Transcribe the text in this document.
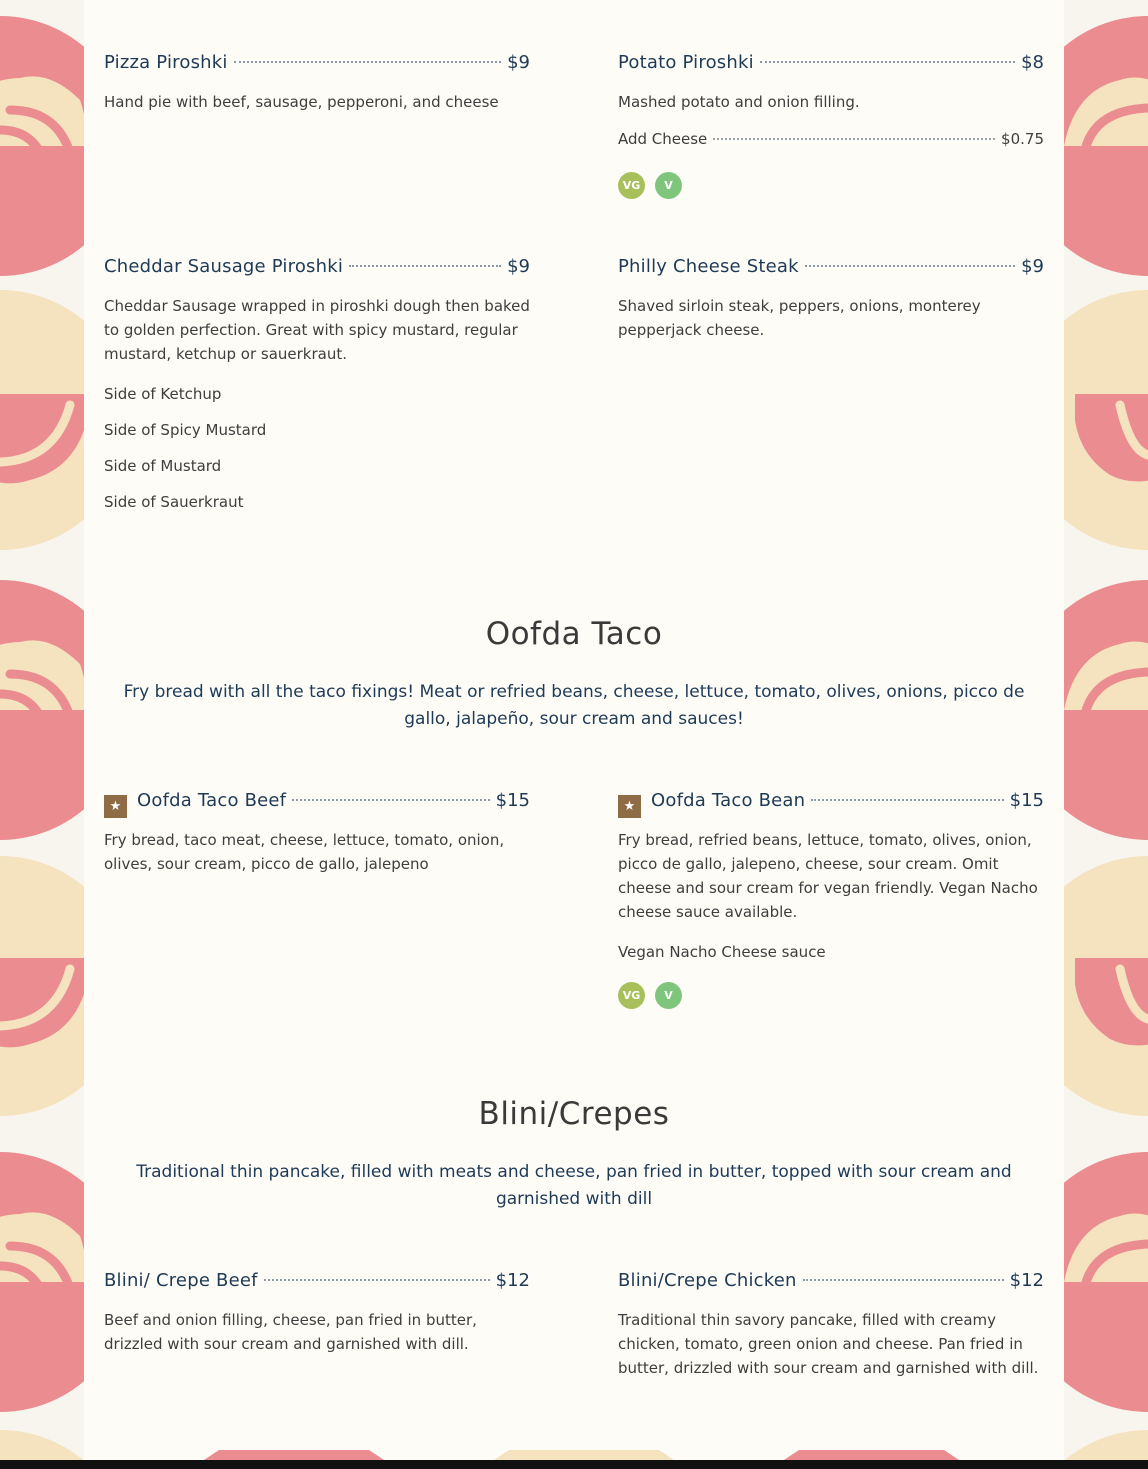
Pizza Piroshki	$9
Hand pie with beef, sausage, pepperoni, and cheese
Potato Piroshki	$8
Mashed potato and onion filling.
Add Cheese	$0.75
VG	V
Cheddar Sausage Piroshki	$9
Cheddar Sausage wrapped in piroshki dough then baked to golden perfection. Great with spicy mustard, regular mustard, ketchup or sauerkraut.
Side of Ketchup
Side of Spicy Mustard
Side of Mustard
Side of Sauerkraut
Philly Cheese Steak	$9
Shaved sirloin steak, peppers, onions, monterey pepperjack cheese.
Oofda Taco
Fry bread with all the taco fixings! Meat or refried beans, cheese, lettuce, tomato, olives, onions, picco de gallo, jalapeño, sour cream and sauces!
★ Oofda Taco Beef	$15
Fry bread, taco meat, cheese, lettuce, tomato, onion, olives, sour cream, picco de gallo, jalepeno
★ Oofda Taco Bean	$15
Fry bread, refried beans, lettuce, tomato, olives, onion, picco de gallo, jalepeno, cheese, sour cream. Omit cheese and sour cream for vegan friendly. Vegan Nacho cheese sauce available.
Vegan Nacho Cheese sauce
VG	V
Blini/Crepes
Traditional thin pancake, filled with meats and cheese, pan fried in butter, topped with sour cream and garnished with dill
Blini/ Crepe Beef	$12
Beef and onion filling, cheese, pan fried in butter, drizzled with sour cream and garnished with dill.
Blini/Crepe Chicken	$12
Traditional thin savory pancake, filled with creamy chicken, tomato, green onion and cheese. Pan fried in butter, drizzled with sour cream and garnished with dill.
